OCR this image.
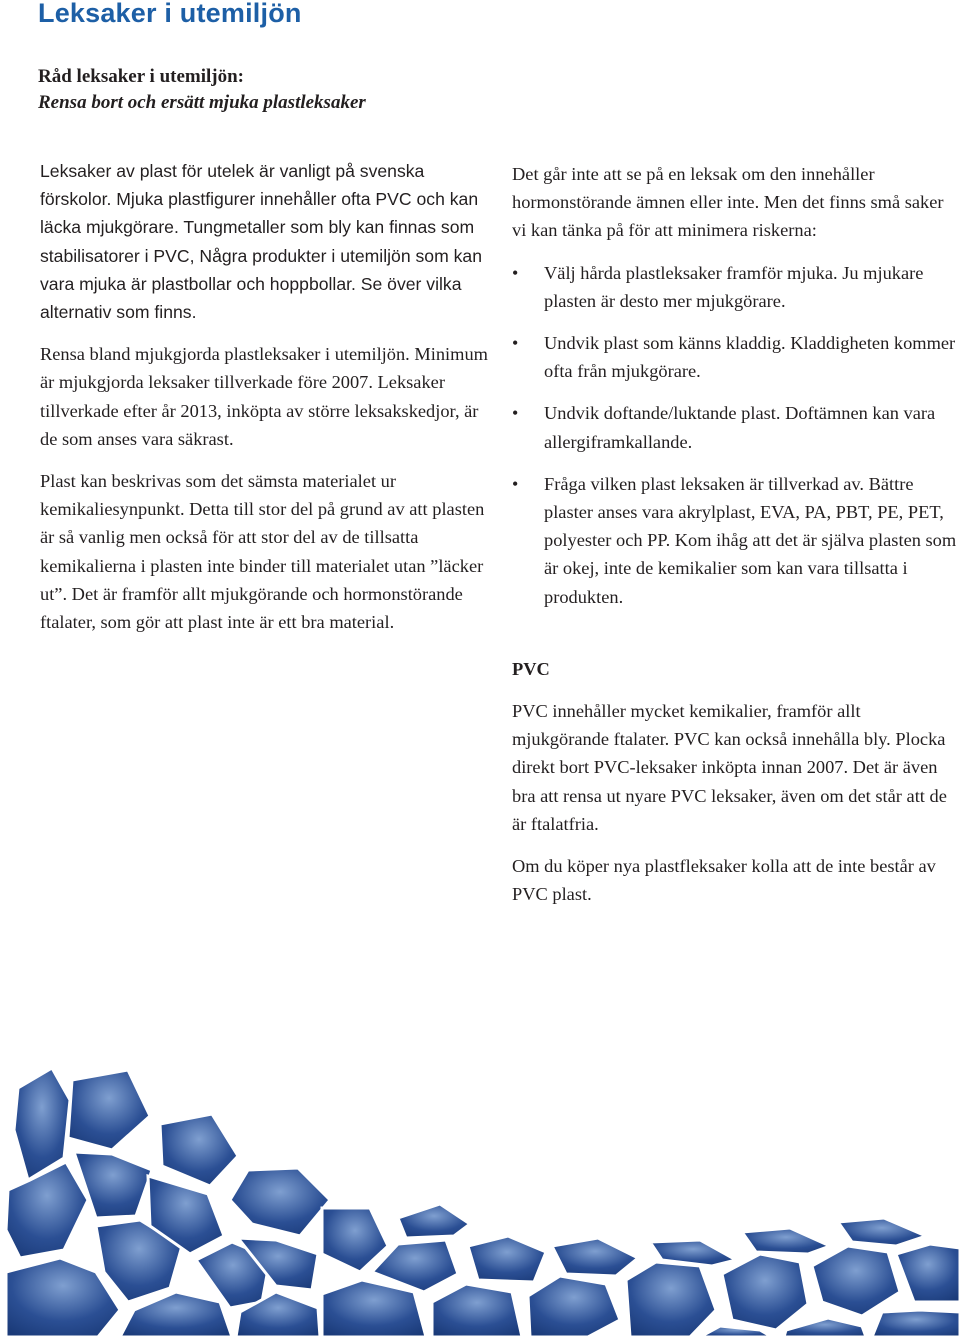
Leksaker i utemiljön
Råd leksaker i utemiljön:
Rensa bort och ersätt mjuka plastleksaker

Leksaker av plast för utelek är vanligt på svenska förskolor. Mjuka plastfigurer innehåller ofta PVC och kan läcka mjukgörare. Tungmetaller som bly kan finnas som stabilisatorer i PVC, Några produkter i utemiljön som kan vara mjuka är plastbollar och hoppbollar. Se över vilka alternativ som finns.

Rensa bland mjukgjorda plastleksaker i utemiljön. Minimum är mjukgjorda leksaker tillverkade före 2007. Leksaker tillverkade efter år 2013, inköpta av större leksakskedjor, är de som anses vara säkrast.

Plast kan beskrivas som det sämsta materialet ur kemikaliesynpunkt. Detta till stor del på grund av att plasten är så vanlig men också för att stor del av de tillsatta kemikalierna i plasten inte binder till materialet utan ”läcker ut”. Det är framför allt mjukgörande och hormonstörande ftalater, som gör att plast inte är ett bra material.

Det går inte att se på en leksak om den innehåller hormonstörande ämnen eller inte. Men det finns små saker vi kan tänka på för att minimera riskerna:

• Välj hårda plastleksaker framför mjuka. Ju mjukare plasten är desto mer mjukgörare.
• Undvik plast som känns kladdig. Kladdigheten kommer ofta från mjukgörare.
• Undvik doftande/luktande plast. Doftämnen kan vara allergiframkallande.
• Fråga vilken plast leksaken är tillverkad av. Bättre plaster anses vara akrylplast, EVA, PA, PBT, PE, PET, polyester och PP. Kom ihåg att det är själva plasten som är okej, inte de kemikalier som kan vara tillsatta i produkten.
PVC

PVC innehåller mycket kemikalier, framför allt mjukgörande ftalater. PVC kan också innehålla bly. Plocka direkt bort PVC-leksaker inköpta innan 2007. Det är även bra att rensa ut nyare PVC leksaker, även om det står att de är ftalatfria.

Om du köper nya plastfleksaker kolla att de inte består av PVC plast.
